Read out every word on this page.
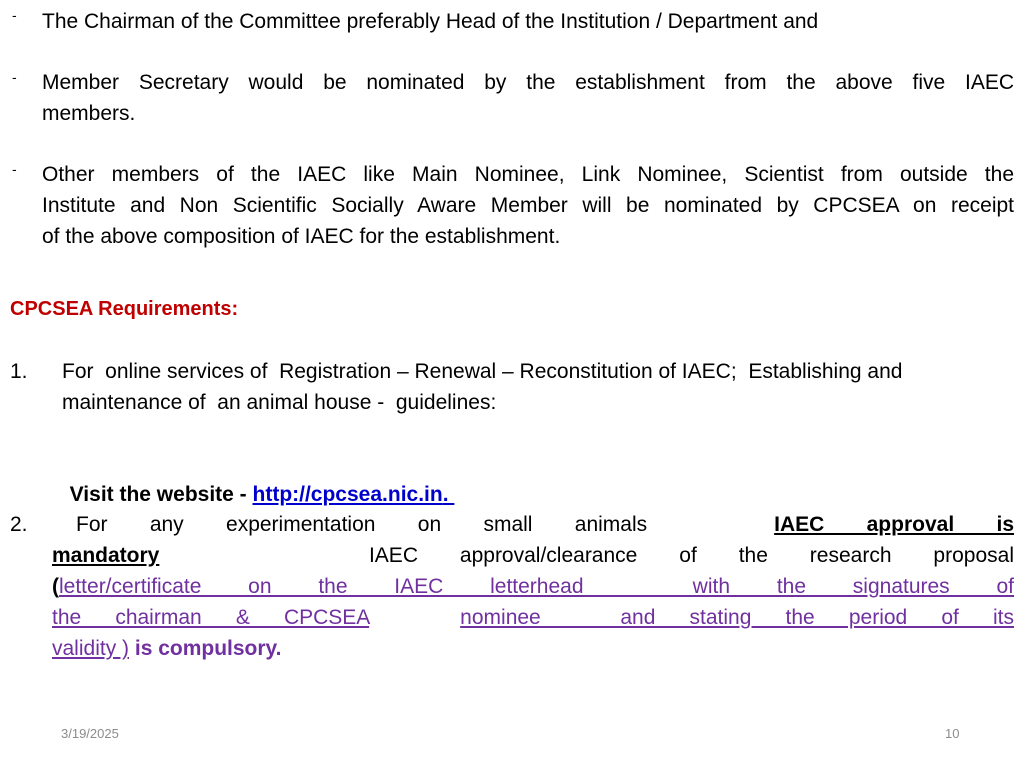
- The Chairman of the Committee preferably Head of the Institution / Department and
- Member Secretary would be nominated by the establishment from the above five IAEC
members.
- Other members of the IAEC like Main Nominee, Link Nominee, Scientist from outside the
Institute and Non Scientific Socially Aware Member will be nominated by CPCSEA on receipt
of the above composition of IAEC for the establishment.
CPCSEA Requirements:
1. For  online services of  Registration – Renewal – Reconstitution of IAEC;  Establishing and
maintenance of  an animal house -  guidelines:

Visit the website - http://cpcsea.nic.in.

2.	For    any    experimentation    on    small    animals	IAEC    approval    is
mandatory	IAEC    approval/clearance    of    the    research    proposal
(letter/certificate   on   the   IAEC   letterhead       with   the   signatures   of
the   chairman   &   CPCSEA	nominee       and   stating   the   period   of   its
validity ) is compulsory.
3/19/2025	10
